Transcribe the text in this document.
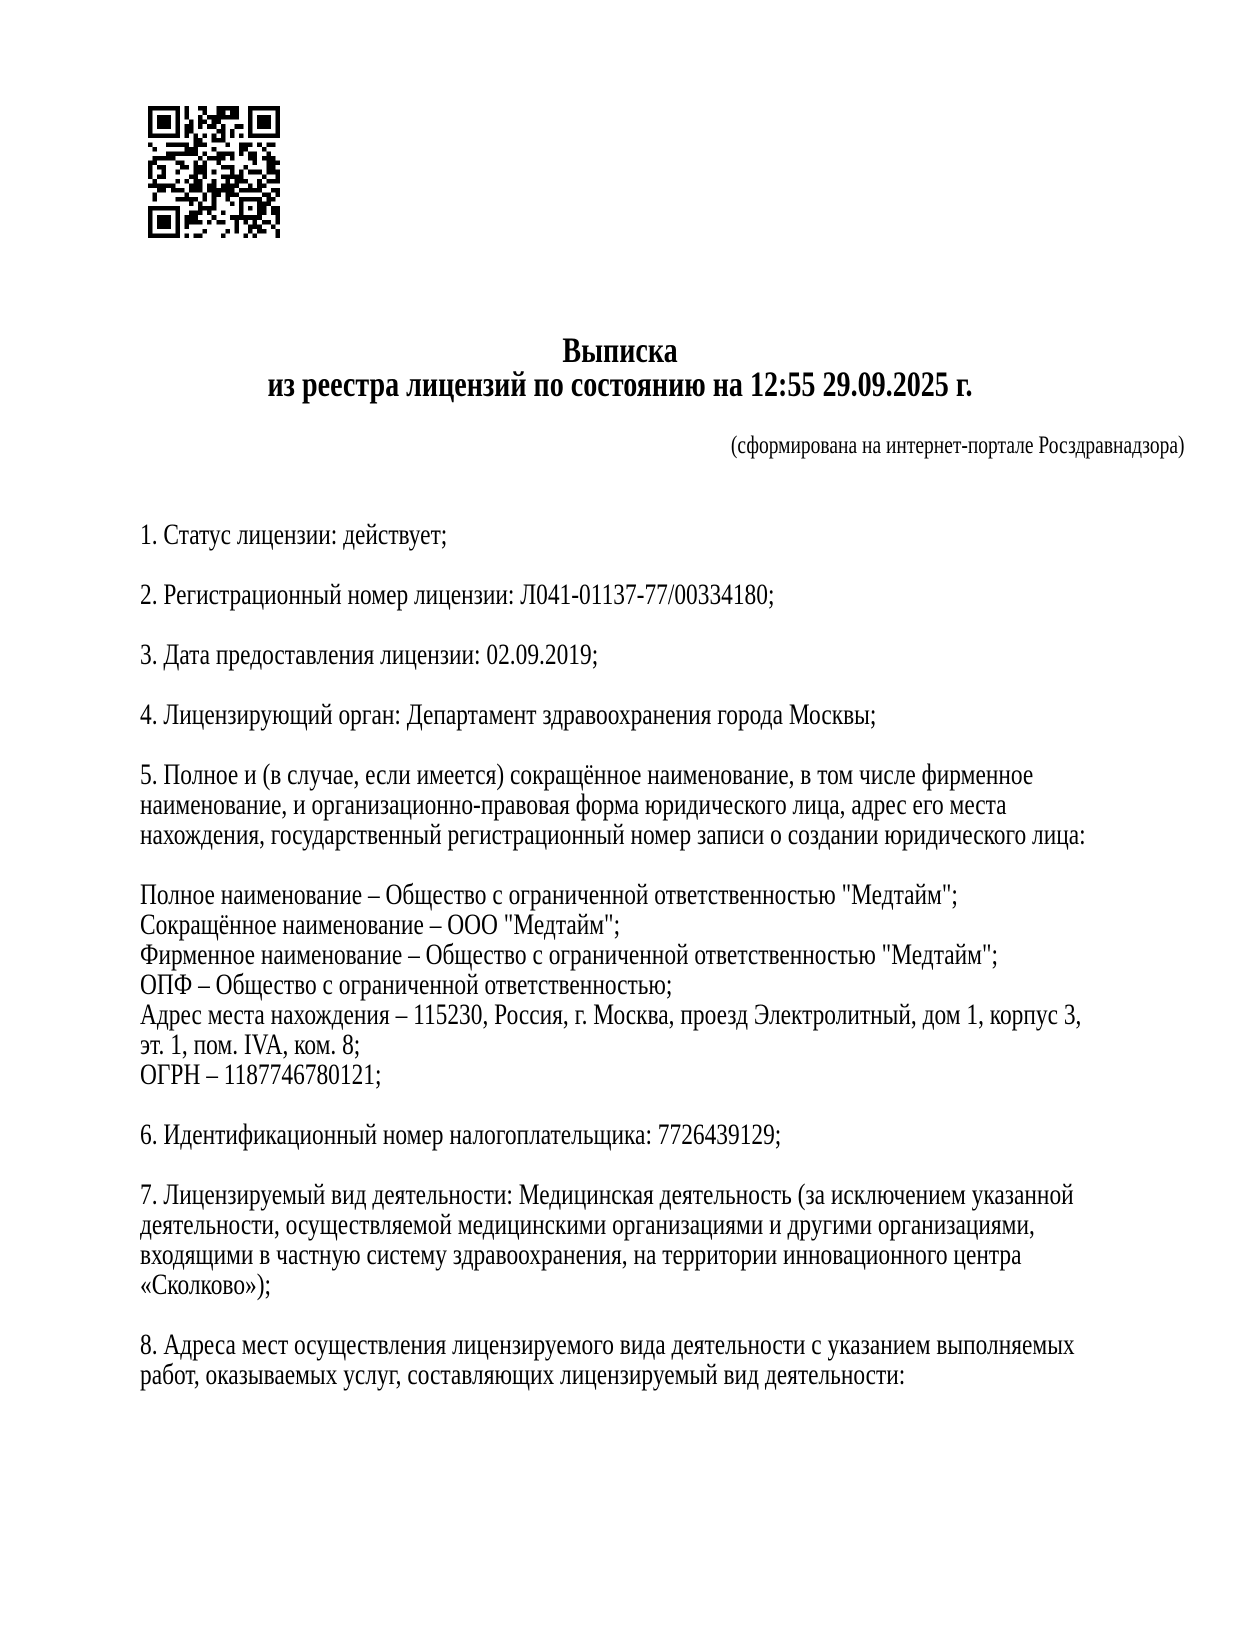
Выписка
из реестра лицензий по состоянию на 12:55 29.09.2025 г.
(сформирована на интернет-портале Росздравнадзора)

1. Статус лицензии: действует;

2. Регистрационный номер лицензии: Л041-01137-77/00334180;

3. Дата предоставления лицензии: 02.09.2019;

4. Лицензирующий орган: Департамент здравоохранения города Москвы;

5. Полное и (в случае, если имеется) сокращённое наименование, в том числе фирменное
наименование, и организационно-правовая форма юридического лица, адрес его места
нахождения, государственный регистрационный номер записи о создании юридического лица:

Полное наименование – Общество с ограниченной ответственностью "Медтайм";
Сокращённое наименование – ООО "Медтайм";
Фирменное наименование – Общество с ограниченной ответственностью "Медтайм";
ОПФ – Общество с ограниченной ответственностью;
Адрес места нахождения – 115230, Россия, г. Москва, проезд Электролитный, дом 1, корпус 3,
эт. 1, пом. IVA, ком. 8;
ОГРН – 1187746780121;

6. Идентификационный номер налогоплательщика: 7726439129;

7. Лицензируемый вид деятельности: Медицинская деятельность (за исключением указанной
деятельности, осуществляемой медицинскими организациями и другими организациями,
входящими в частную систему здравоохранения, на территории инновационного центра
«Сколково»);

8. Адреса мест осуществления лицензируемого вида деятельности с указанием выполняемых
работ, оказываемых услуг, составляющих лицензируемый вид деятельности:
